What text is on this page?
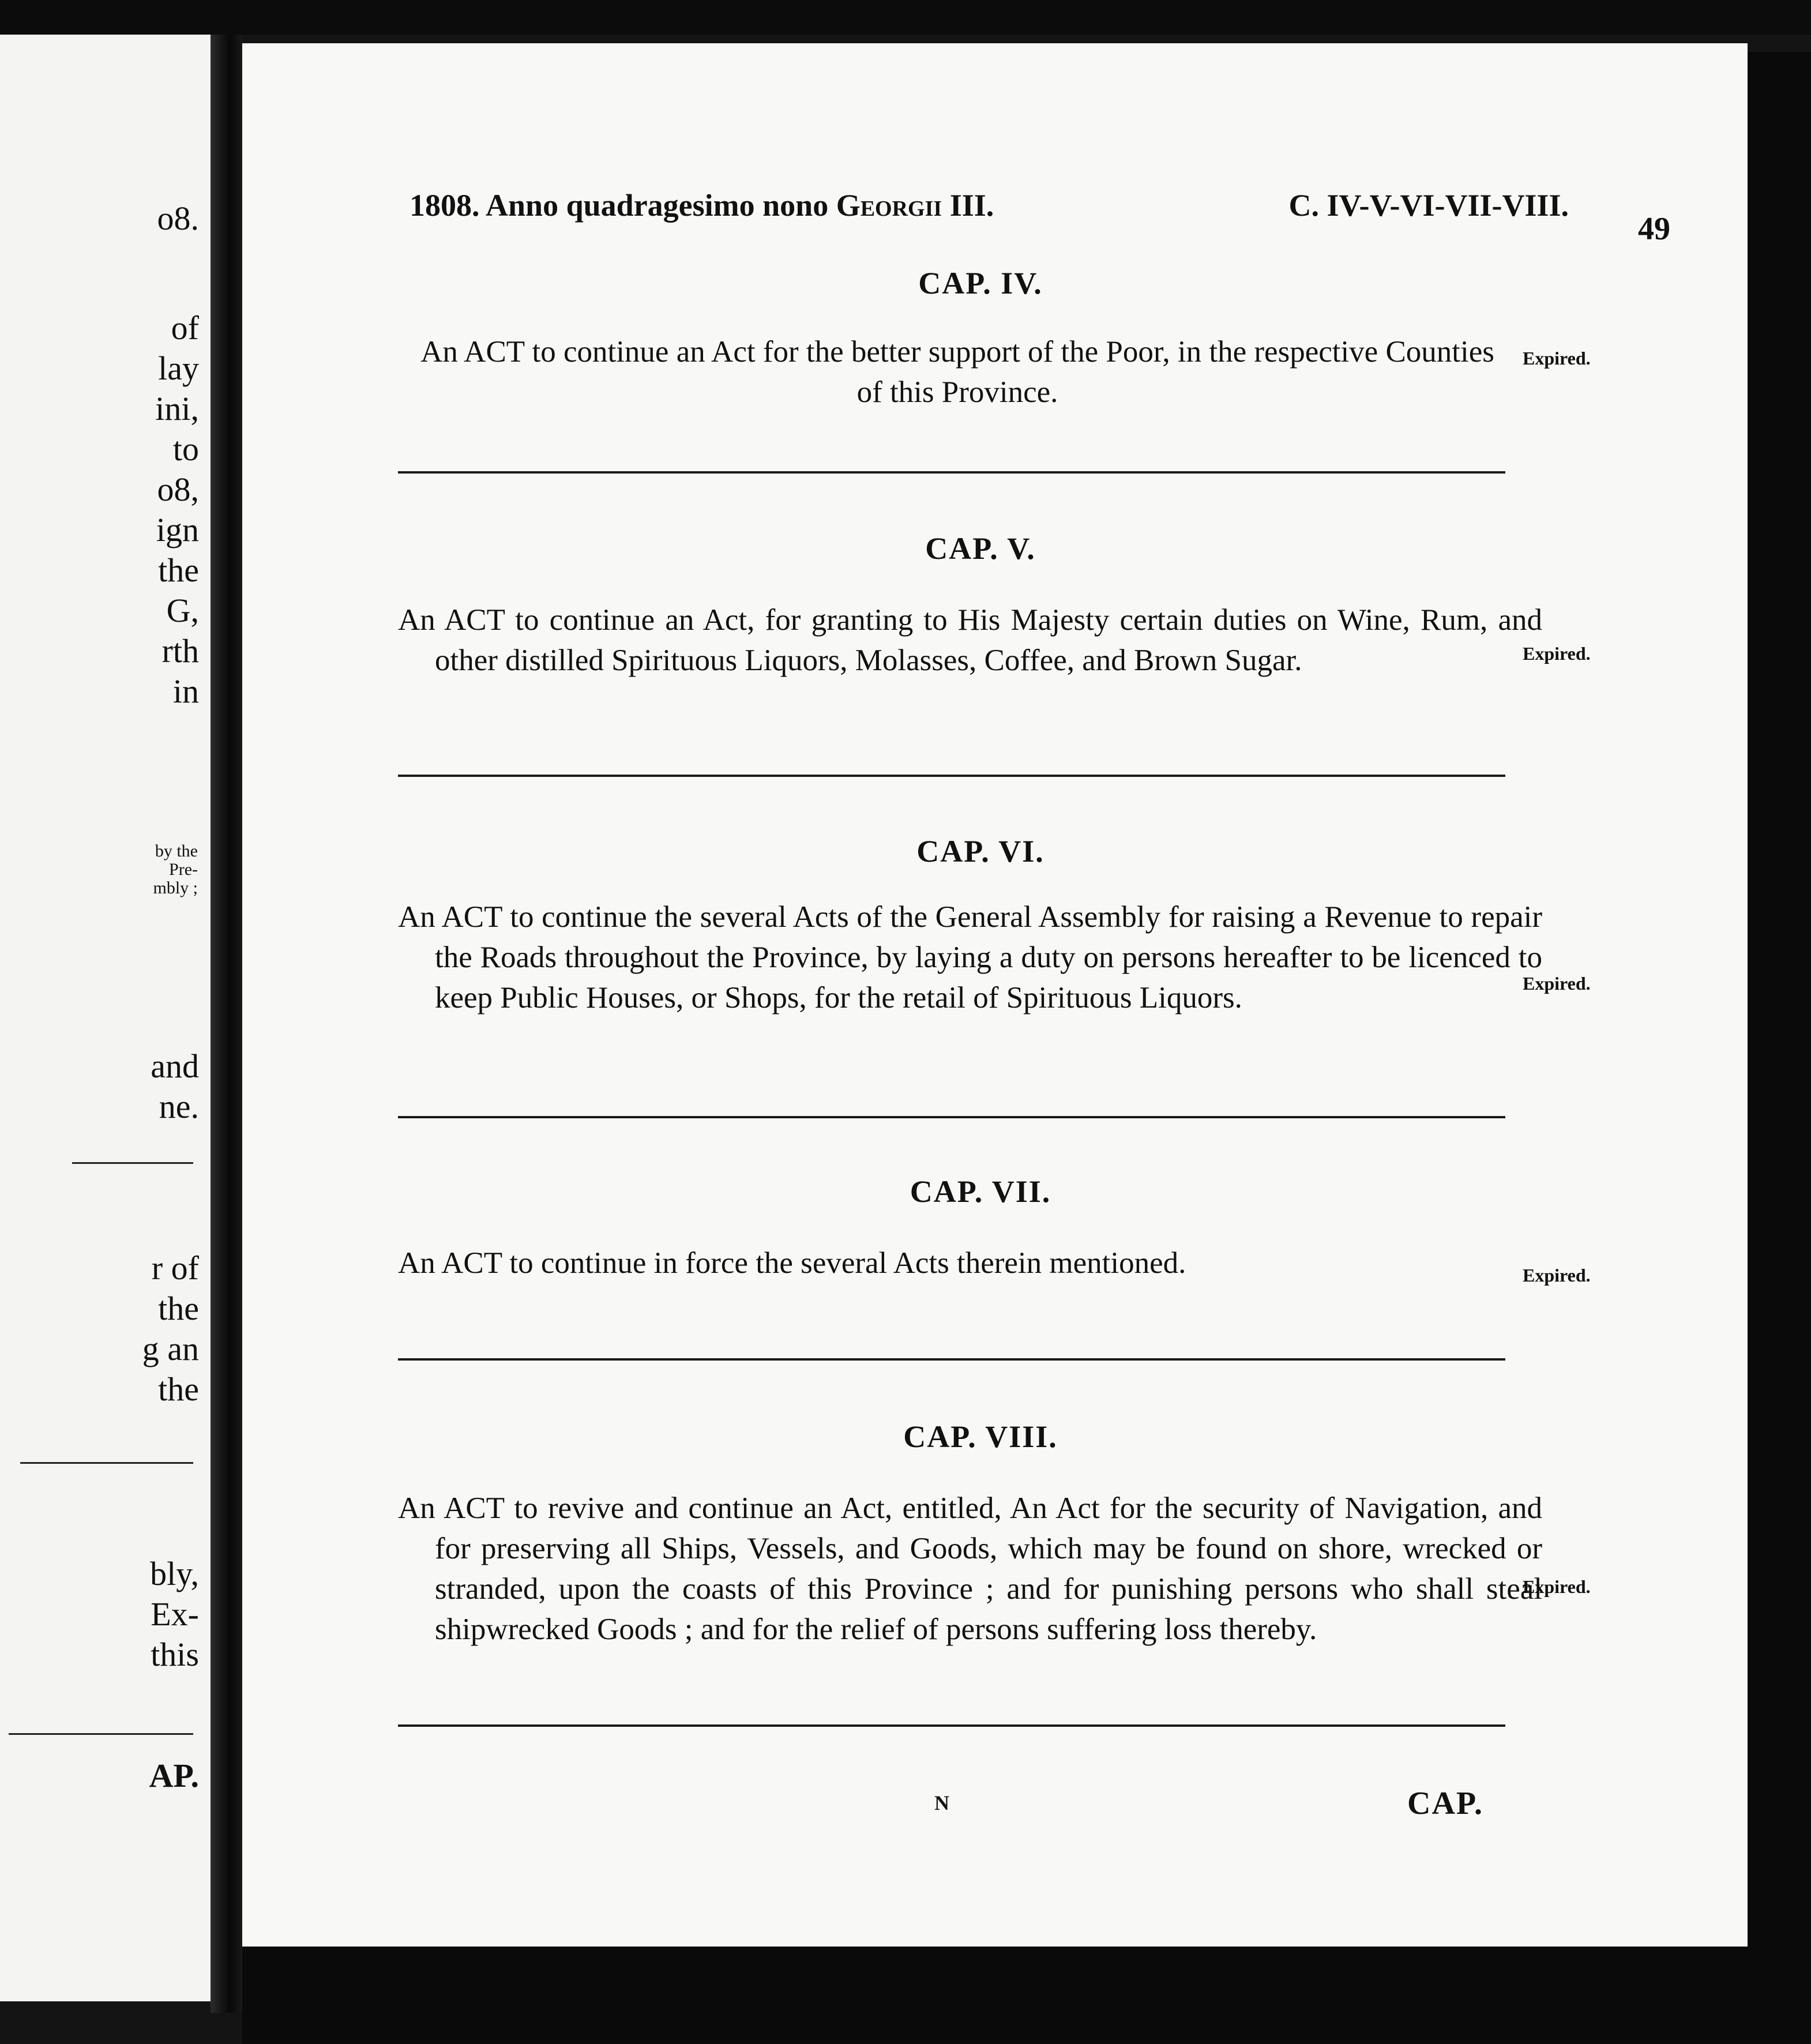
o8.
of
lay
ini,
to
o8,
ign
the
G,
rth
in
by the
Pre-
mbly ;
and
ne.
r of
the
g an
the
bly,
Ex-
this
AP.
1808. Anno quadragesimo nono Georgii III.	C. IV-V-VI-VII-VIII.
49
CAP. IV.
An ACT to continue an Act for the better support of the Poor, in the respective Counties of this Province.
Expired.
CAP. V.
An ACT to continue an Act, for granting to His Majesty certain duties on Wine, Rum, and other distilled Spirituous Liquors, Molasses, Coffee, and Brown Sugar.	Expired.
CAP. VI.
An ACT to continue the several Acts of the General Assembly for raising a Revenue to repair the Roads throughout the Province, by laying a duty on persons hereafter to be licenced to keep Public Houses, or Shops, for the retail of Spirituous Liquors.	Expired.
CAP. VII.
An ACT to continue in force the several Acts therein mentioned.	Expired.
CAP. VIII.
An ACT to revive and continue an Act, entitled, An Act for the security of Navigation, and for preserving all Ships, Vessels, and Goods, which may be found on shore, wrecked or stranded, upon the coasts of this Province ; and for punishing persons who shall steal shipwrecked Goods ; and for the relief of persons suffering loss thereby.
Expired.
N	CAP.
